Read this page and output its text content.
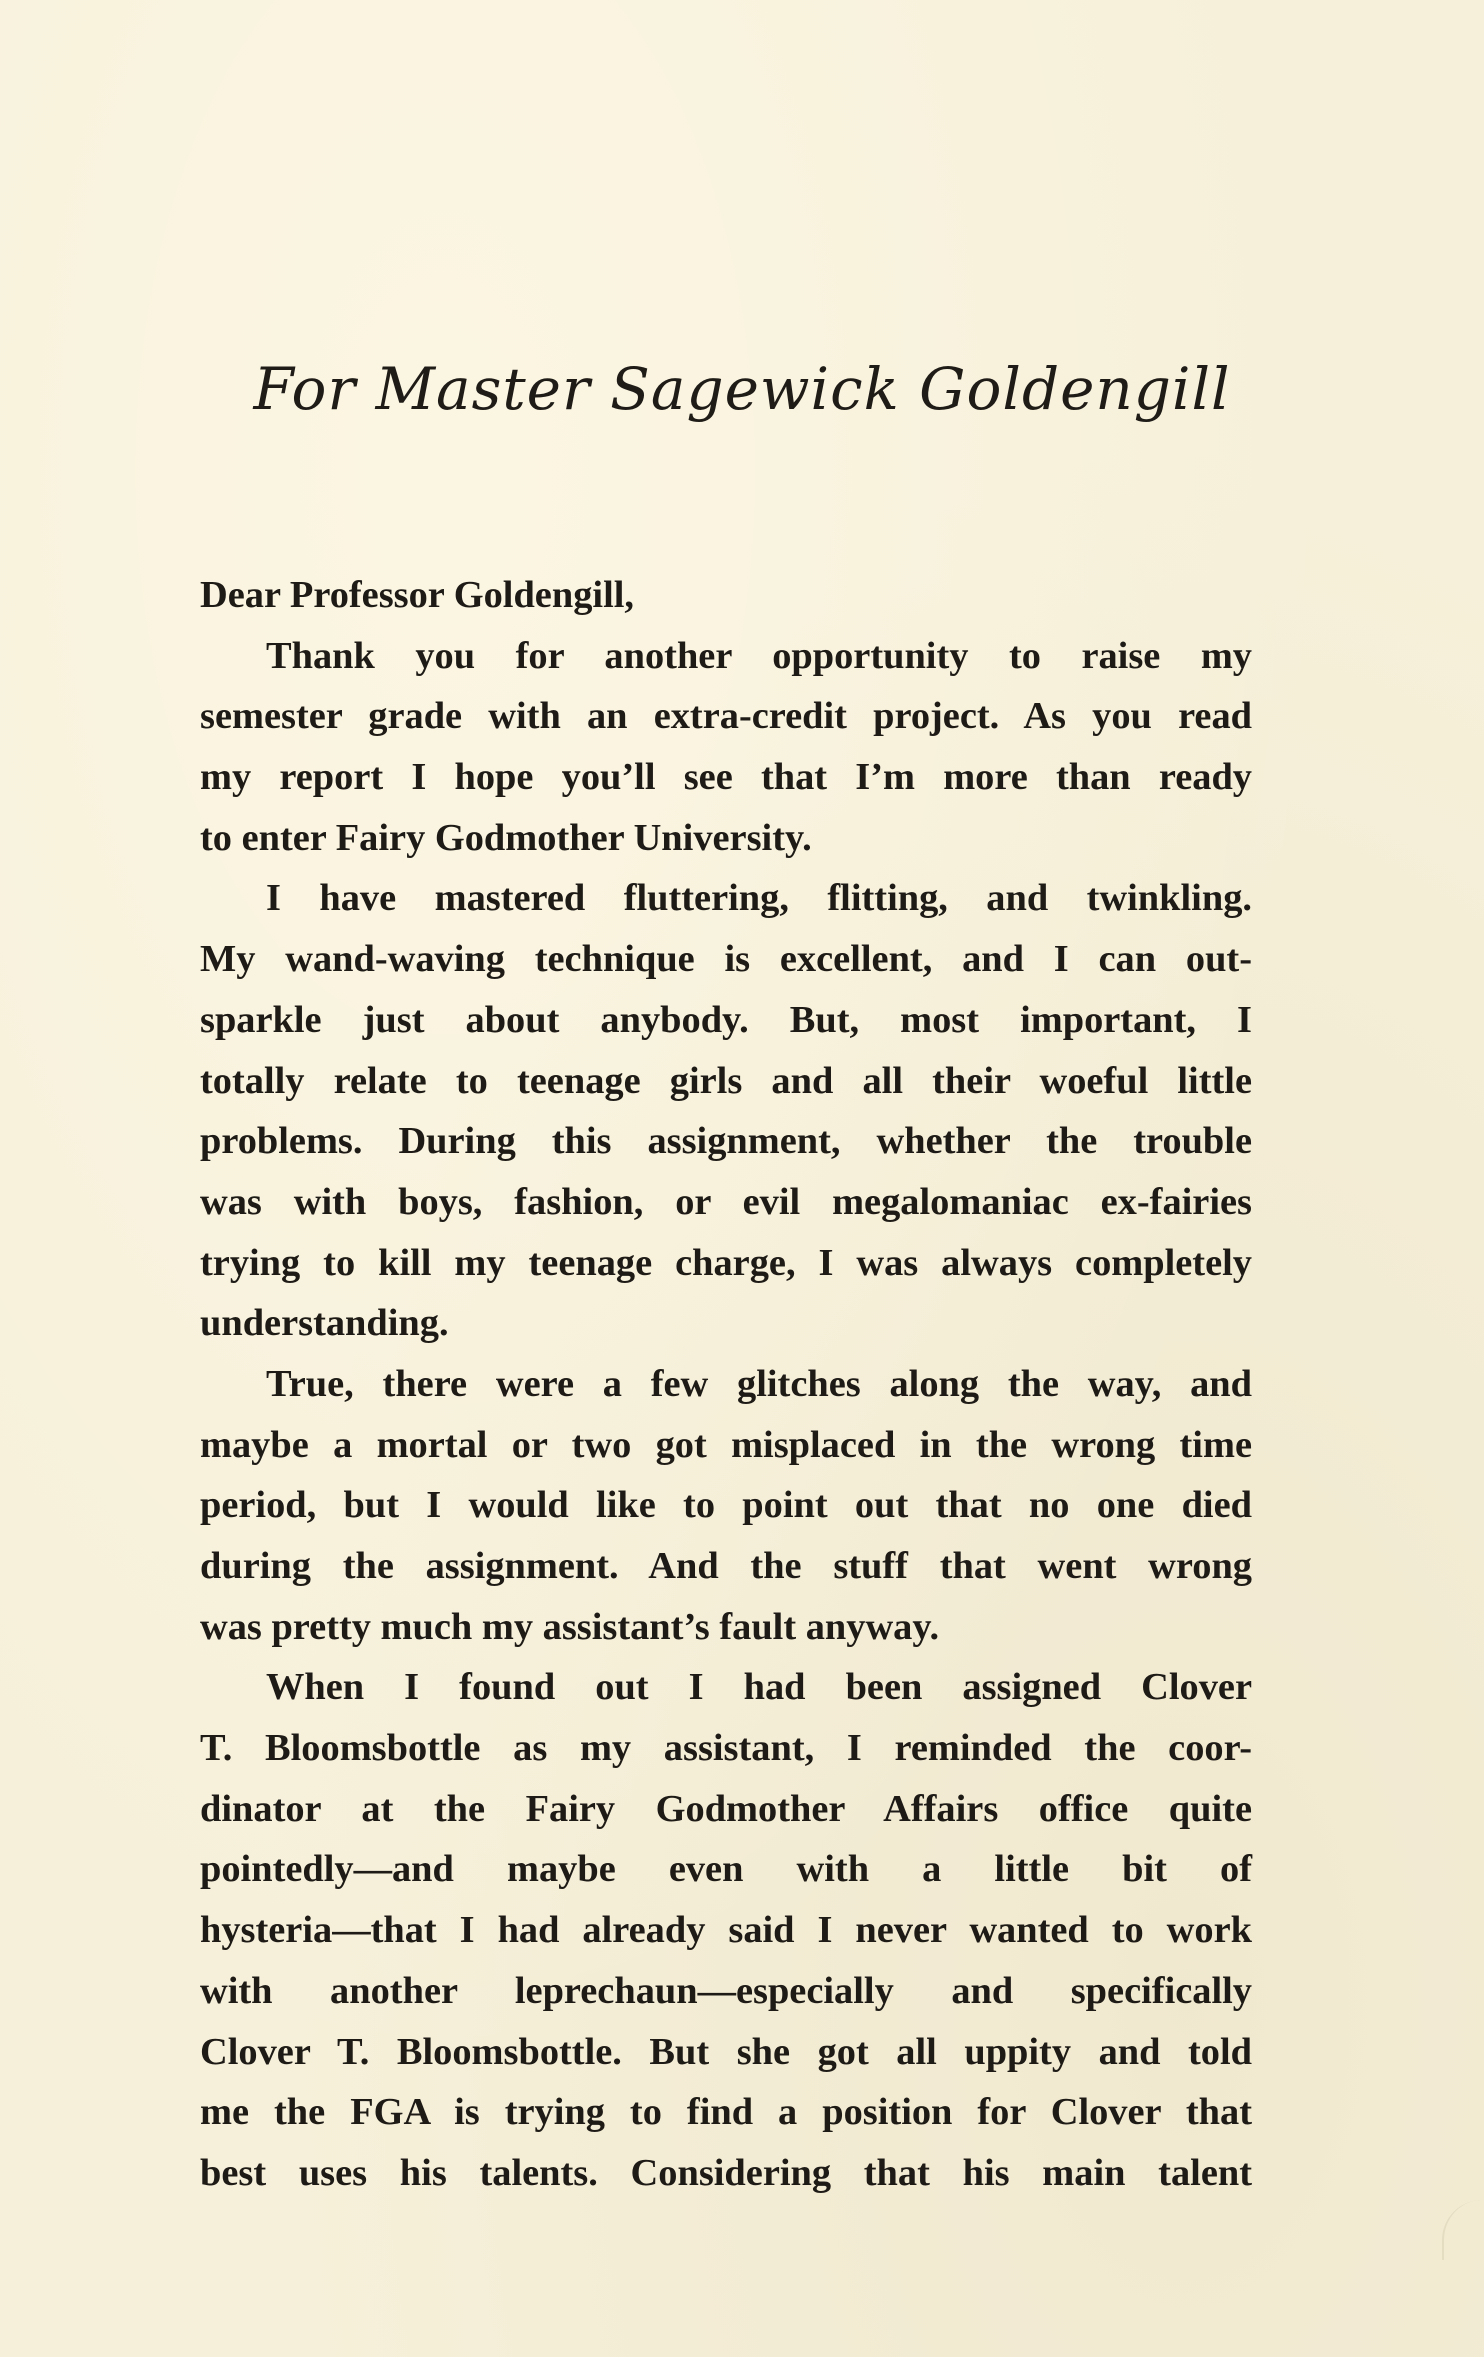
For Master Sagewick Goldengill
Dear Professor Goldengill,
Thank you for another opportunity to raise my
semester grade with an extra-credit project. As you read
my report I hope you’ll see that I’m more than ready
to enter Fairy Godmother University.
I have mastered fluttering, flitting, and twinkling.
My wand-waving technique is excellent, and I can out-
sparkle just about anybody. But, most important, I
totally relate to teenage girls and all their woeful little
problems. During this assignment, whether the trouble
was with boys, fashion, or evil megalomaniac ex-fairies
trying to kill my teenage charge, I was always completely
understanding.
True, there were a few glitches along the way, and
maybe a mortal or two got misplaced in the wrong time
period, but I would like to point out that no one died
during the assignment. And the stuff that went wrong
was pretty much my assistant’s fault anyway.
When I found out I had been assigned Clover
T. Bloomsbottle as my assistant, I reminded the coor-
dinator at the Fairy Godmother Affairs office quite
pointedly—and maybe even with a little bit of
hysteria—that I had already said I never wanted to work
with another leprechaun—especially and specifically
Clover T. Bloomsbottle. But she got all uppity and told
me the FGA is trying to find a position for Clover that
best uses his talents. Considering that his main talent
